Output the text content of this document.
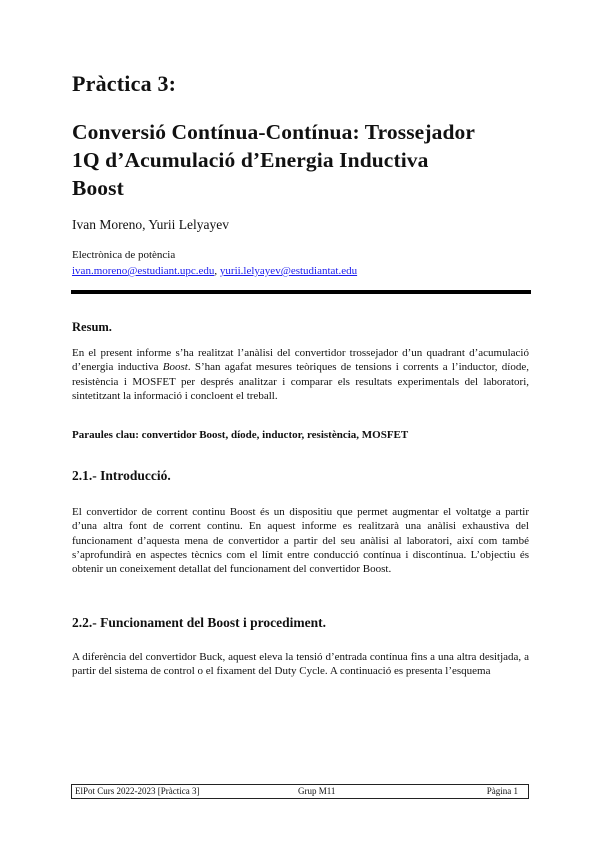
Pràctica 3:
Conversió Contínua-Contínua: Trossejador
1Q d’Acumulació d’Energia Inductiva
Boost

Ivan Moreno, Yurii Lelyayev

Electrònica de potència

ivan.moreno@estudiant.upc.edu, yurii.lelyayev@estudiantat.edu

Resum.

En el present informe s’ha realitzat l’anàlisi del convertidor trossejador d’un quadrant d’acumulació d’energia inductiva Boost. S’han agafat mesures teòriques de tensions i corrents a l’inductor, díode, resistència i MOSFET per després analitzar i comparar els resultats experimentals del laboratori, sintetitzant la informació i concloent el treball.

Paraules clau: convertidor Boost, díode, inductor, resistència, MOSFET

2.1.- Introducció.

El convertidor de corrent continu Boost és un dispositiu que permet augmentar el voltatge a partir d’una altra font de corrent continu. En aquest informe es realitzarà una anàlisi exhaustiva del funcionament d’aquesta mena de convertidor a partir del seu anàlisi al laboratori, així com també s’aprofundirà en aspectes tècnics com el límit entre conducció contínua i discontínua. L’objectiu és obtenir un coneixement detallat del funcionament del convertidor Boost.

2.2.- Funcionament del Boost i procediment.

A diferència del convertidor Buck, aquest eleva la tensió d’entrada contínua fins a una altra desitjada, a partir del sistema de control o el fixament del Duty Cycle. A continuació es presenta l’esquema

ElPot Curs 2022-2023 [Pràctica 3]	Grup M11	Pàgina 1
